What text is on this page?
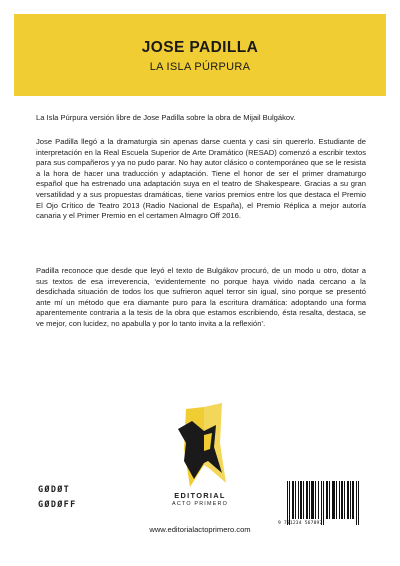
JOSE PADILLA
LA ISLA PÚRPURA

La Isla Púrpura versión libre de Jose Padilla sobre la obra de Mijail Bulgákov.

Jose Padilla llegó a la dramaturgia sin apenas darse cuenta y casi sin quererlo. Estudiante de interpretación en la Real Escuela Superior de Arte Dramático (RESAD) comenzó a escribir textos para sus compañeros y ya no pudo parar. No hay autor clásico o contemporáneo que se le resista a la hora de hacer una traducción y adaptación. Tiene el honor de ser el primer dramaturgo español que ha estrenado una adaptación suya en el teatro de Shakespeare. Gracias a su gran versatilidad y a sus propuestas dramáticas, tiene varios premios entre los que destaca el Premio El Ojo Crítico de Teatro 2013 (Radio Nacional de España), el Premio Réplica a mejor autoría canaria y el Primer Premio en el certamen Almagro Off 2016.

Padilla reconoce que desde que leyó el texto de Bulgákov procuró, de un modo u otro, dotar a sus textos de esa irreverencia, ‘evidentemente no porque haya vivido nada cercano a la desdichada situación de todos los que sufrieron aquel terror sin igual, sino porque se presentó ante mí un método que era diamante puro para la escritura dramática: adoptando una forma aparentemente contraria a la tesis de la obra que estamos escribiendo, ésta resalta, destaca, se ve mejor, con lucidez, no apabulla y por lo tanto invita a la reflexión’.

GØDØT
GØDØFF
EDITORIAL
ACTO PRIMERO
www.editorialactoprimero.com
9 781234 567897
